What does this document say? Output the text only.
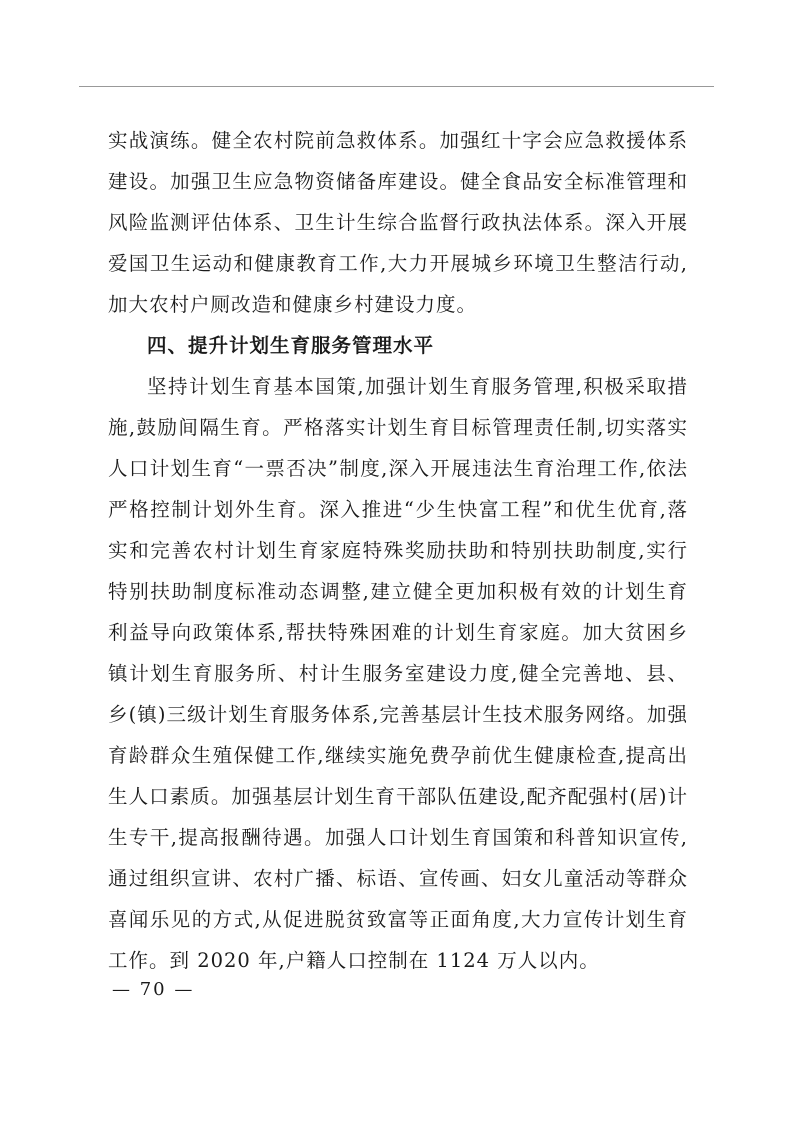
实战演练。健全农村院前急救体系。加强红十字会应急救援体系建设。加强卫生应急物资储备库建设。健全食品安全标准管理和风险监测评估体系、卫生计生综合监督行政执法体系。深入开展爱国卫生运动和健康教育工作,大力开展城乡环境卫生整洁行动,加大农村户厕改造和健康乡村建设力度。

四、提升计划生育服务管理水平

坚持计划生育基本国策,加强计划生育服务管理,积极采取措施,鼓励间隔生育。严格落实计划生育目标管理责任制,切实落实人口计划生育“一票否决”制度,深入开展违法生育治理工作,依法严格控制计划外生育。深入推进“少生快富工程”和优生优育,落实和完善农村计划生育家庭特殊奖励扶助和特别扶助制度,实行特别扶助制度标准动态调整,建立健全更加积极有效的计划生育利益导向政策体系,帮扶特殊困难的计划生育家庭。加大贫困乡镇计划生育服务所、村计生服务室建设力度,健全完善地、县、乡(镇)三级计划生育服务体系,完善基层计生技术服务网络。加强育龄群众生殖保健工作,继续实施免费孕前优生健康检查,提高出生人口素质。加强基层计划生育干部队伍建设,配齐配强村(居)计生专干,提高报酬待遇。加强人口计划生育国策和科普知识宣传,通过组织宣讲、农村广播、标语、宣传画、妇女儿童活动等群众喜闻乐见的方式,从促进脱贫致富等正面角度,大力宣传计划生育工作。到 2020 年,户籍人口控制在 1124 万人以内。

— 70 —
